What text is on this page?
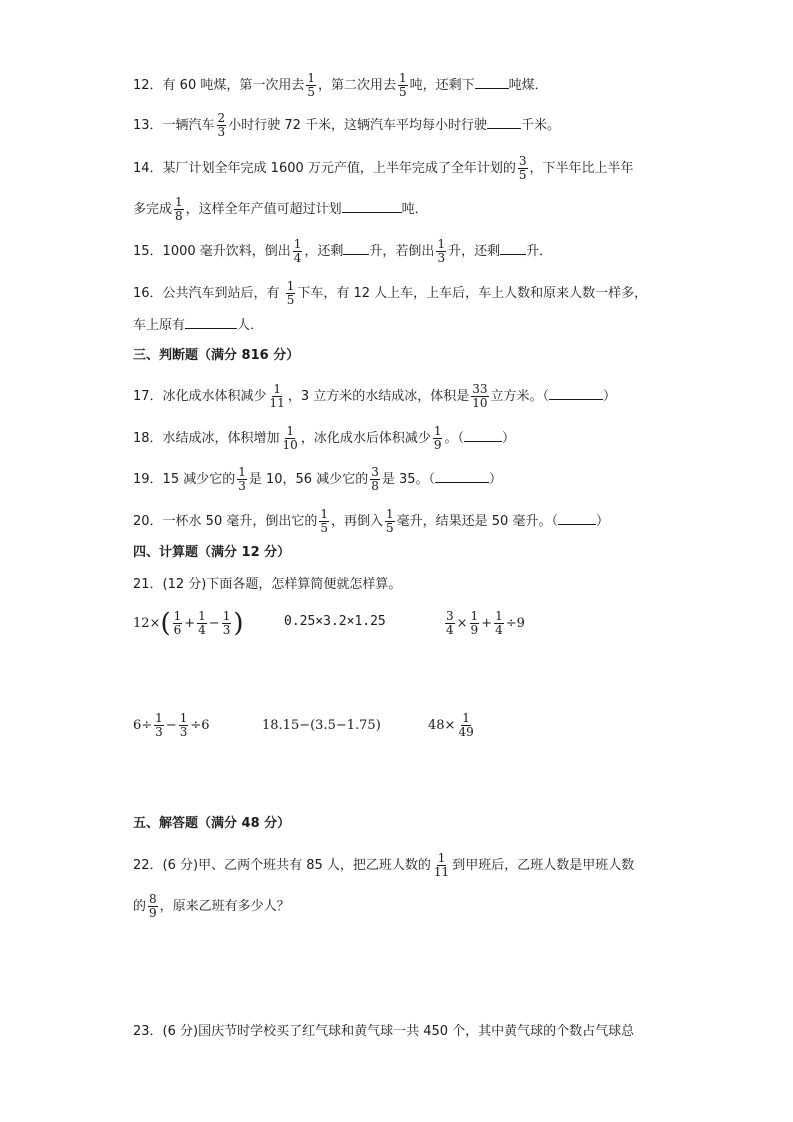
12．有 60 吨煤，第一次用去 $\frac{1}{5}$ ，第二次用去 $\frac{1}{5}$ 吨，还剩下	吨煤．
13．一辆汽车 $\frac{2}{3}$ 小时行驶 72 千米，这辆汽车平均每小时行驶	千米。
14．某厂计划全年完成 1600 万元产值，上半年完成了全年计划的 $\frac{3}{5}$ ，下半年比上半年
多完成 $\frac{1}{8}$ ，这样全年产值可超过计划	吨．
15．1000 毫升饮料，倒出 $\frac{1}{4}$ ，还剩 升，若倒出 $\frac{1}{3}$ 升，还剩 升．
16．公共汽车到站后，有 $\frac{1}{5}$ 下车，有 12 人上车，上车后，车上人数和原来人数一样多，
车上原有	人．
三、判断题（满分 816 分）
17．冰化成水体积减少 $\frac{1}{11}$ ，3 立方米的水结成冰，体积是 $\frac{33}{10}$ 立方米。（	）
18．水结成冰，体积增加 $\frac{1}{10}$ ，冰化成水后体积减少 $\frac{1}{9}$ 。（	）
19．15 减少它的 $\frac{1}{3}$ 是 10，56 减少它的 $\frac{3}{8}$ 是 35。（	）
20．一杯水 50 毫升，倒出它的 $\frac{1}{5}$ ，再倒入 $\frac{1}{5}$ 毫升，结果还是 50 毫升。（	）
四、计算题（满分 12 分）
21．(12 分)下面各题，怎样算简便就怎样算。
$12\times( \frac{1}{6} + \frac{1}{4} - \frac{1}{3}$ )	0.25×3.2×1.25	$\frac{3}{4} \times \frac{1}{9} + \frac{1}{4} \div 9$
$6\div \frac{1}{3} - \frac{1}{3} \div 6$	18.15−(3.5−1.75)	$48\times \frac{1}{49}$
五、解答题（满分 48 分）
22．(6 分)甲、乙两个班共有 85 人，把乙班人数的 $\frac{1}{11}$ 到甲班后，乙班人数是甲班人数
的 $\frac{8}{9}$ ，原来乙班有多少人？
23．(6 分)国庆节时学校买了红气球和黄气球一共 450 个，其中黄气球的个数占气球总
